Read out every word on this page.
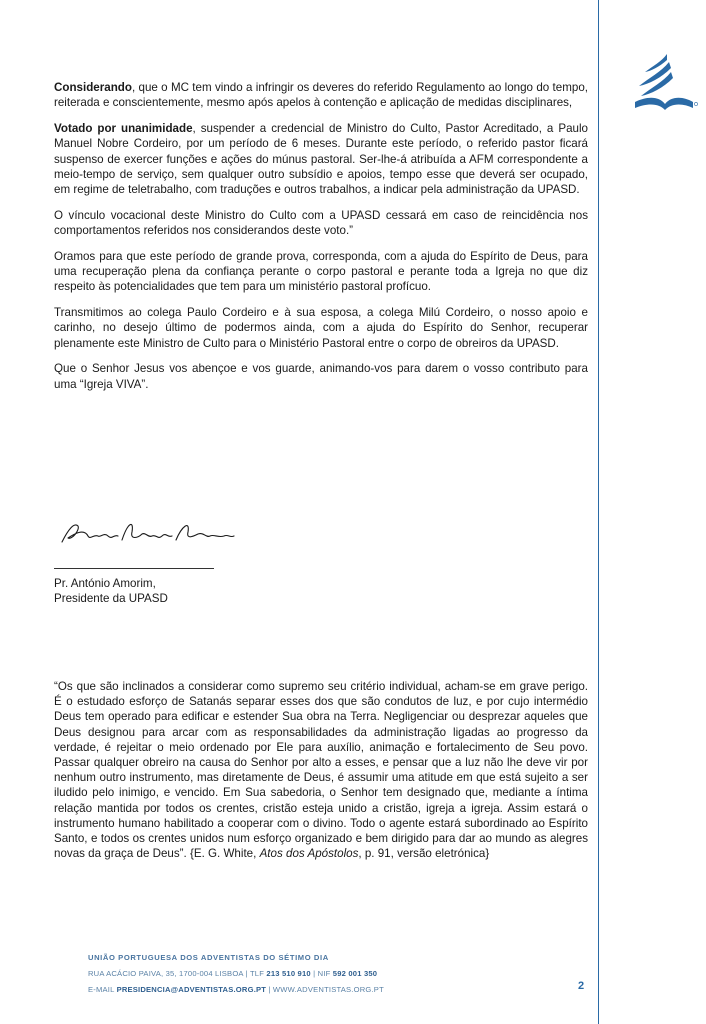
Considerando, que o MC tem vindo a infringir os deveres do referido Regulamento ao longo do tempo, reiterada e conscientemente, mesmo após apelos à contenção e aplicação de medidas disciplinares,

Votado por unanimidade, suspender a credencial de Ministro do Culto, Pastor Acreditado, a Paulo Manuel Nobre Cordeiro, por um período de 6 meses. Durante este período, o referido pastor ficará suspenso de exercer funções e ações do múnus pastoral. Ser-lhe-á atribuída a AFM correspondente a meio-tempo de serviço, sem qualquer outro subsídio e apoios, tempo esse que deverá ser ocupado, em regime de teletrabalho, com traduções e outros trabalhos, a indicar pela administração da UPASD.

O vínculo vocacional deste Ministro do Culto com a UPASD cessará em caso de reincidência nos comportamentos referidos nos considerandos deste voto.”

Oramos para que este período de grande prova, corresponda, com a ajuda do Espírito de Deus, para uma recuperação plena da confiança perante o corpo pastoral e perante toda a Igreja no que diz respeito às potencialidades que tem para um ministério pastoral profícuo.

Transmitimos ao colega Paulo Cordeiro e à sua esposa, a colega Milú Cordeiro, o nosso apoio e carinho, no desejo último de podermos ainda, com a ajuda do Espírito do Senhor, recuperar plenamente este Ministro de Culto para o Ministério Pastoral entre o corpo de obreiros da UPASD.

Que o Senhor Jesus vos abençoe e vos guarde, animando-vos para darem o vosso contributo para uma “Igreja VIVA”.

Pr. António Amorim,
Presidente da UPASD
“Os que são inclinados a considerar como supremo seu critério individual, acham-se em grave perigo. É o estudado esforço de Satanás separar esses dos que são condutos de luz, e por cujo intermédio Deus tem operado para edificar e estender Sua obra na Terra. Negligenciar ou desprezar aqueles que Deus designou para arcar com as responsabilidades da administração ligadas ao progresso da verdade, é rejeitar o meio ordenado por Ele para auxílio, animação e fortalecimento de Seu povo. Passar qualquer obreiro na causa do Senhor por alto a esses, e pensar que a luz não lhe deve vir por nenhum outro instrumento, mas diretamente de Deus, é assumir uma atitude em que está sujeito a ser iludido pelo inimigo, e vencido. Em Sua sabedoria, o Senhor tem designado que, mediante a íntima relação mantida por todos os crentes, cristão esteja unido a cristão, igreja a igreja. Assim estará o instrumento humano habilitado a cooperar com o divino. Todo o agente estará subordinado ao Espírito Santo, e todos os crentes unidos num esforço organizado e bem dirigido para dar ao mundo as alegres novas da graça de Deus”. {E. G. White, Atos dos Apóstolos, p. 91, versão eletrónica}
UNIÃO PORTUGUESA DOS ADVENTISTAS DO SÉTIMO DIA
RUA ACÁCIO PAIVA, 35, 1700-004 LISBOA | TLF 213 510 910 | NIF 592 001 350
E-MAIL PRESIDENCIA@ADVENTISTAS.ORG.PT | WWW.ADVENTISTAS.ORG.PT	2
